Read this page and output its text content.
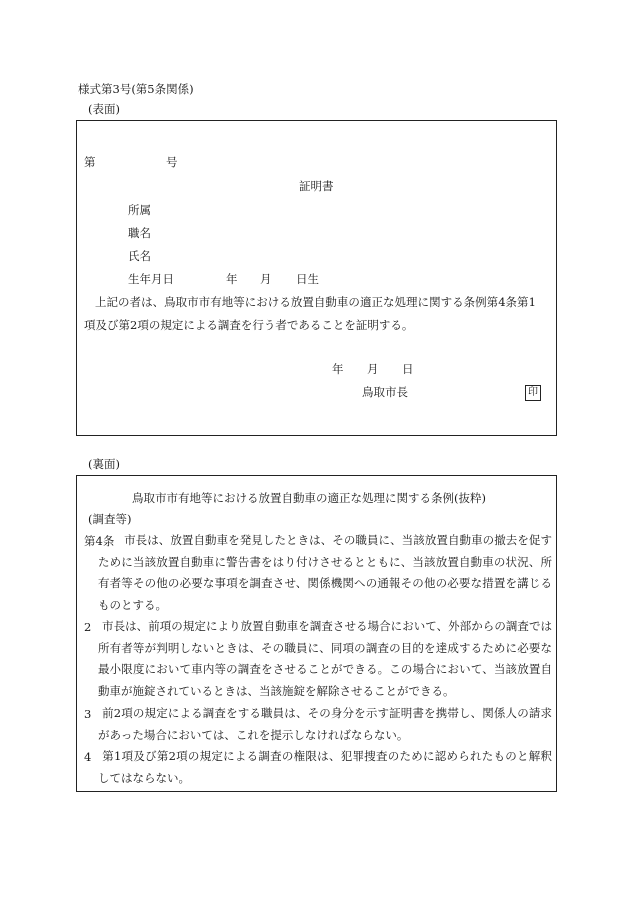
様式第3号(第5条関係)
(表面)
第	号
証明書
所属
職名
氏名
生年月日	年 月 日生
上記の者は、鳥取市市有地等における放置自動車の適正な処理に関する条例第4条第1
項及び第2項の規定による調査を行う者であることを証明する。
年 月 日
鳥取市長	印
(裏面)
鳥取市市有地等における放置自動車の適正な処理に関する条例(抜粋)
(調査等)
第4条 市長は、放置自動車を発見したときは、その職員に、当該放置自動車の撤去を促すために当該放置自動車に警告書をはり付けさせるとともに、当該放置自動車の状況、所有者等その他の必要な事項を調査させ、関係機関への通報その他の必要な措置を講じるものとする。
2 市長は、前項の規定により放置自動車を調査させる場合において、外部からの調査では所有者等が判明しないときは、その職員に、同項の調査の目的を達成するために必要な最小限度において車内等の調査をさせることができる。この場合において、当該放置自動車が施錠されているときは、当該施錠を解除させることができる。
3 前2項の規定による調査をする職員は、その身分を示す証明書を携帯し、関係人の請求があった場合においては、これを提示しなければならない。
4 第1項及び第2項の規定による調査の権限は、犯罪捜査のために認められたものと解釈してはならない。
